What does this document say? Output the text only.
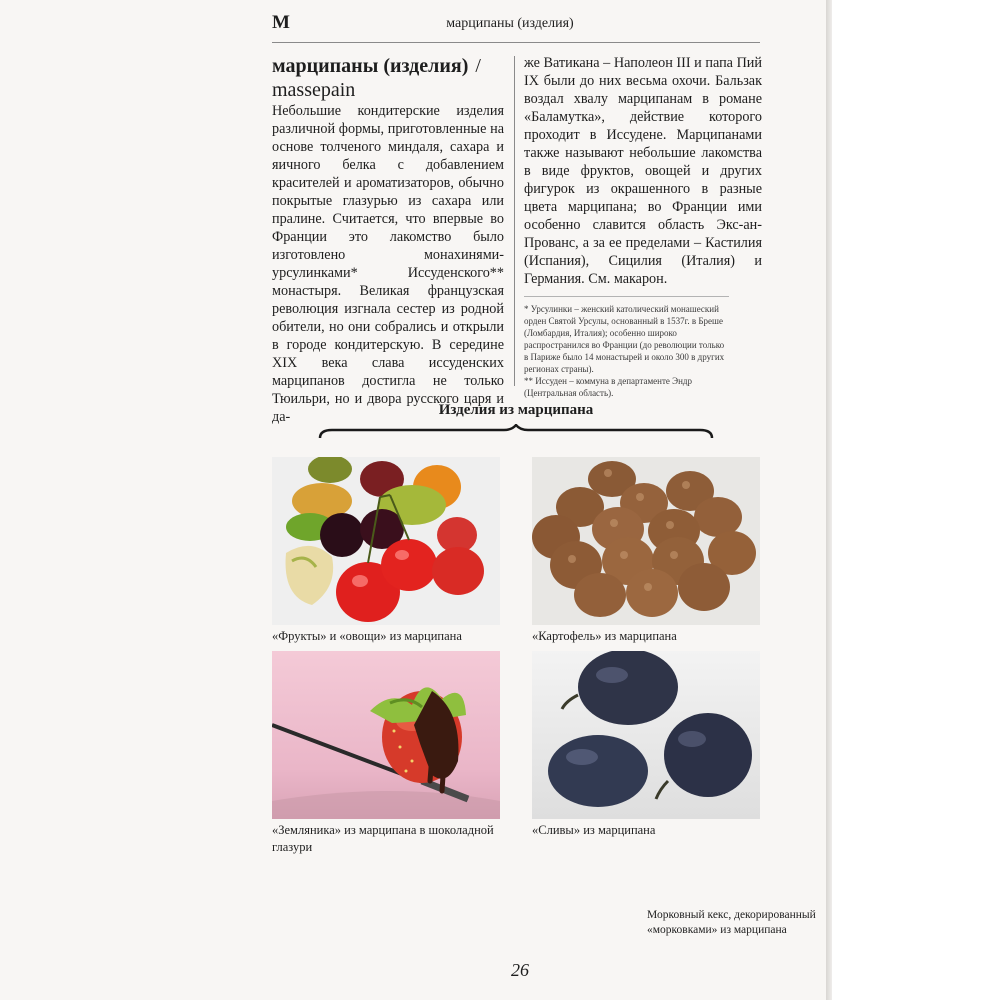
М	марципаны (изделия)
марципаны (изделия) /
massepain

Небольшие кондитерские изделия различной формы, приготовленные на основе толченого миндаля, сахара и яичного белка с добавлением красителей и ароматизаторов, обычно покрытые глазурью из сахара или пралине. Считается, что впервые во Франции это лакомство было изготовлено монахинями-урсулинками* Иссуденского** монастыря. Великая французская революция изгнала сестер из родной обители, но они собрались и открыли в городе кондитерскую. В середине XIX века слава иссуденских марципанов достигла не только Тюильри, но и двора русского царя и да-

же Ватикана – Наполеон III и папа Пий IX были до них весьма охочи. Бальзак воздал хвалу марципанам в романе «Баламутка», действие которого проходит в Иссудене. Марципанами также называют небольшие лакомства в виде фруктов, овощей и других фигурок из окрашенного в разные цвета марципана; во Франции ими особенно славится область Экс-ан-Прованс, а за ее пределами – Кастилия (Испания), Сицилия (Италия) и Германия. См. макарон.

* Урсулинки – женский католический монашеский орден Святой Урсулы, основанный в 1537г. в Бреше (Ломбардия, Италия); особенно широко распространился во Франции (до революции только в Париже было 14 монастырей и около 300 в других регионах страны).

** Иссуден – коммуна в департаменте Эндр (Центральная область).

Изделия из марципана
«Фрукты» и «овощи» из марципана	«Картофель» из марципана
«Земляника» из марципана в шоколадной глазури
«Сливы» из марципана
Морковный кекс, декорированный «морковками» из марципана
26
